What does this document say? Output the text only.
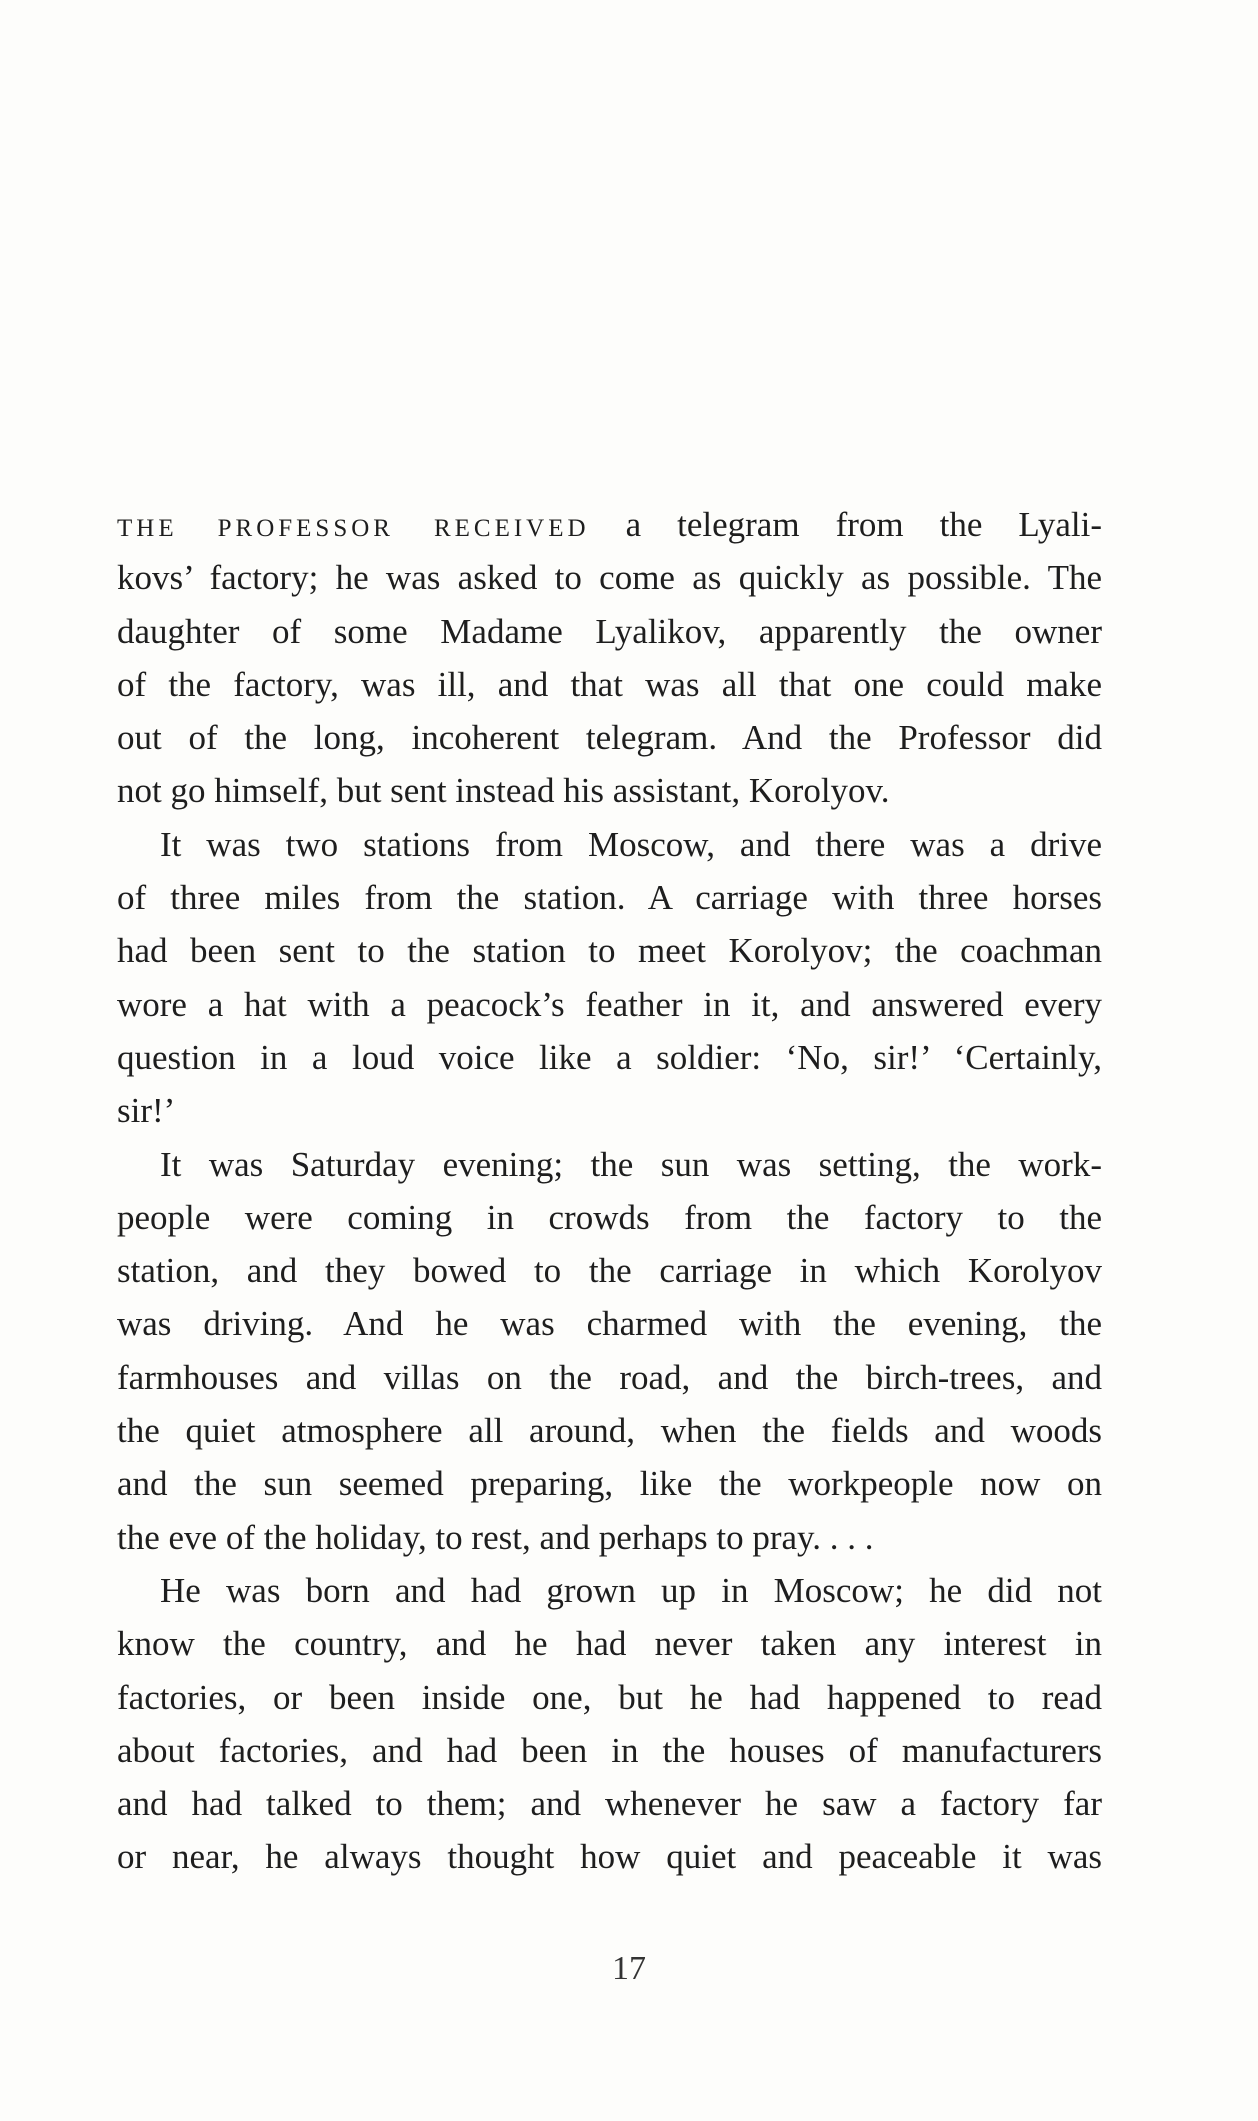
the professor received a telegram from the Lyali-
kovs’ factory; he was asked to come as quickly as possible. The
daughter of some Madame Lyalikov, apparently the owner
of the factory, was ill, and that was all that one could make
out of the long, incoherent telegram. And the Professor did
not go himself, but sent instead his assistant, Korolyov.
It was two stations from Moscow, and there was a drive
of three miles from the station. A carriage with three horses
had been sent to the station to meet Korolyov; the coachman
wore a hat with a peacock’s feather in it, and answered every
question in a loud voice like a soldier: ‘No, sir!’ ‘Certainly,
sir!’
It was Saturday evening; the sun was setting, the work-
people were coming in crowds from the factory to the
station, and they bowed to the carriage in which Korolyov
was driving. And he was charmed with the evening, the
farmhouses and villas on the road, and the birch-trees, and
the quiet atmosphere all around, when the fields and woods
and the sun seemed preparing, like the workpeople now on
the eve of the holiday, to rest, and perhaps to pray. . . .
He was born and had grown up in Moscow; he did not
know the country, and he had never taken any interest in
factories, or been inside one, but he had happened to read
about factories, and had been in the houses of manufacturers
and had talked to them; and whenever he saw a factory far
or near, he always thought how quiet and peaceable it was
17
